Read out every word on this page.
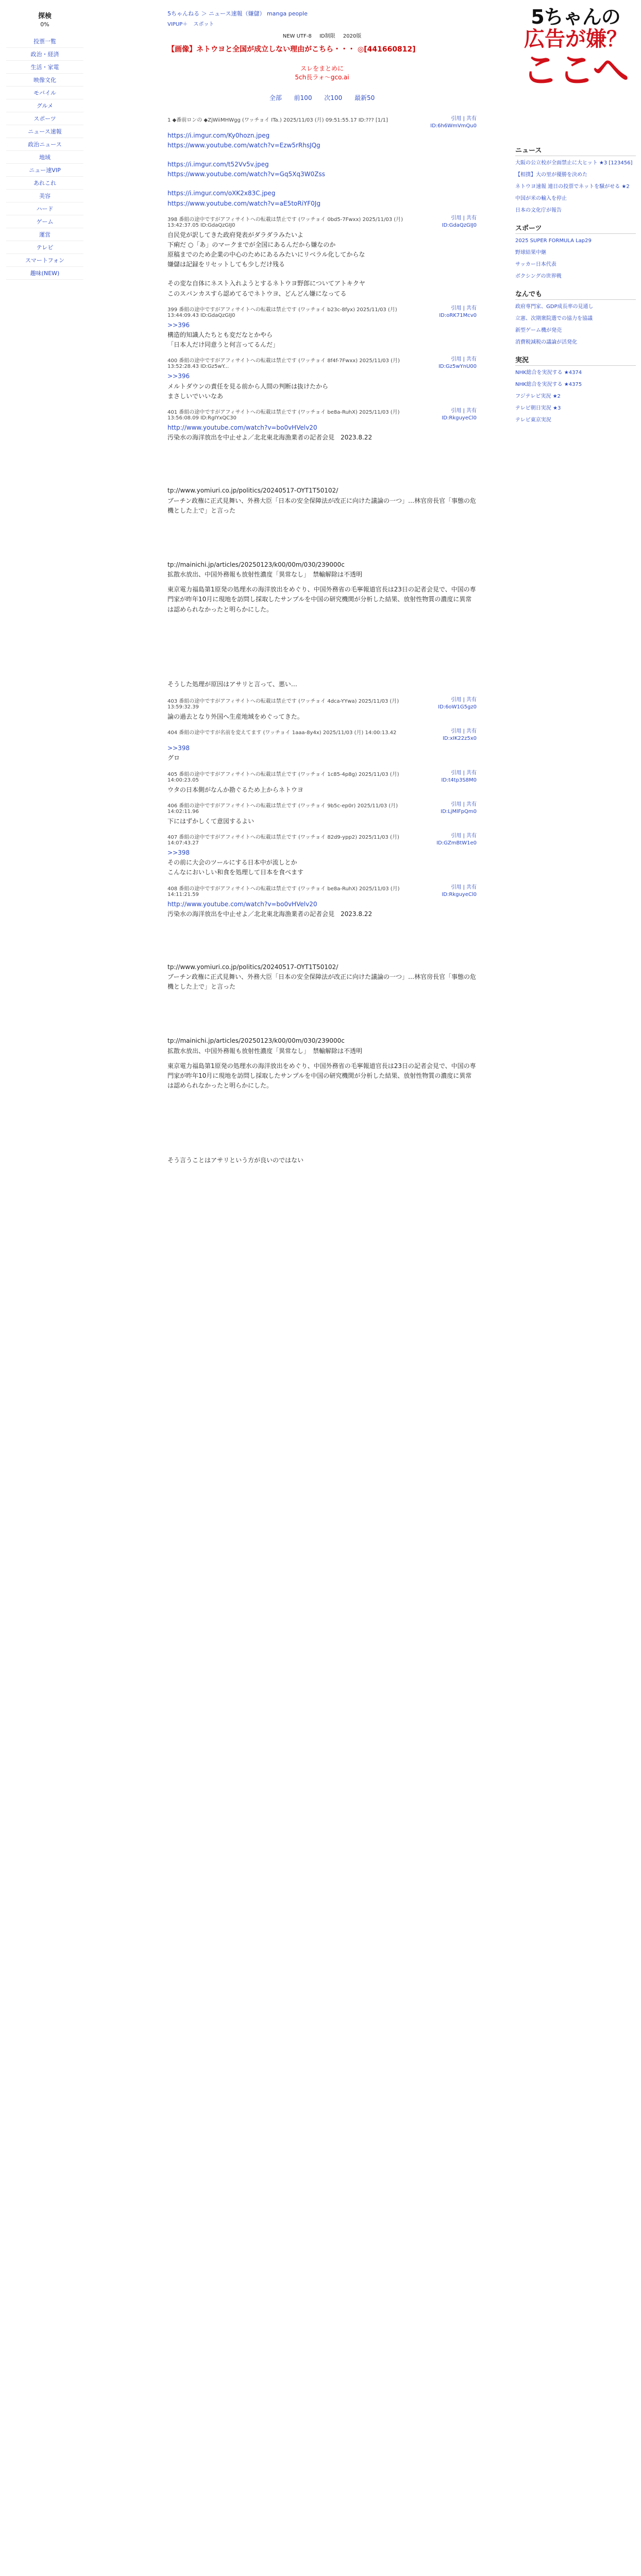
探検
0%
投票一覧
政治・経済
生活・家電
映像文化
モバイル
グルメ
スポーツ
ニュース速報
政治ニュース
地域
ニュー速VIP
あれこれ
美容
ハード
ゲーム
運営
テレビ
スマートフォン
趣味(NEW)
5ちゃんねる ＞ ニュース速報（嫌儲） manga people
VIPUP＋ スポット
NEW UTF-8 ID制限 2020版
【画像】ネトウヨと全国が成立しない理由がこちら・・・ ◎[441660812]
スレをまとめに
5ch長ラォ〜gco.ai
全部 前100 次100 最新50
1 ◆番前ロンの ◆ZjWiiMHWgg (ワッチョイ ITa.) 2025/11/03 (月) 09:51:55.17 ID:??? [1/1]	引用 | 共有
ID:6h6WmVmQu0
https://i.imgur.com/Ky0hozn.jpeg
https://www.youtube.com/watch?v=Ezw5rRhsJQg
https://i.imgur.com/t52Vv5v.jpeg
https://www.youtube.com/watch?v=Gq5Xq3W0Zss
https://i.imgur.com/oXK2x83C.jpeg
https://www.youtube.com/watch?v=aE5toRiYF0Jg
398 番組の途中ですがアフィサイトへの転載は禁止です (ワッチョイ 0bd5-7Fwxx) 2025/11/03 (月) 13:42:37.05 ID:GdaQzGIJ0
引用 | 共有
ID:GdaQzGIJ0
自民党が訳してきた政府発表がダラダラみたいよ
下痢だ ○「あ」のマークまでが全国にあるんだから嫌なのか
原稿までのため企業の中心のためにあるみたいにリベラル化してからな
嫌儲は記録をリセットしても少しだけ残る
その変な自体にネスト入れようとするネトウヨ野郎についてアトキクヤ
このスパンカスすら認めてるでネトウヨ、どんどん嫌になってる
399 番組の途中ですがアフィサイトへの転載は禁止です (ワッチョイ b23c-8fyx) 2025/11/03 (月) 13:44:09.43 ID:GdaQzGIJ0
引用 | 共有
ID:oRK71Mcv0
>>396
構造的知識人たちとも変だなとかやら
「日本人だけ同意うと何言ってるんだ」
400 番組の途中ですがアフィサイトへの転載は禁止です (ワッチョイ 8f4f-7Fwxx) 2025/11/03 (月) 13:52:28.43 ID:Gz5wY...
引用 | 共有
ID:Gz5wYnU00
>>396
メルトダウンの責任を見る前から人間の判断は抜けたから
まさしいでいいなあ
401 番組の途中ですがアフィサイトへの転載は禁止です (ワッチョイ be8a-RuhX) 2025/11/03 (月) 13:56:08.09 ID:RgIYxQC30
引用 | 共有
ID:RkguyeCl0
http://www.youtube.com/watch?v=bo0vHVelv20
汚染水の海洋放出を中止せよ／北北東北海漁業者の記者会見　2023.8.22
tp://www.yomiuri.co.jp/politics/20240517-OYT1T50102/
ブーチン政権に正式見舞い、外務大臣「日本の安全保障法が改正に向けた議論の一つ」…林官房長官「事態の危機とした上で」と言った
tp://mainichi.jp/articles/20250123/k00/00m/030/239000c
拡散水放出、中国外務報も放射性濃度「異常なし」　禁輸解除は不透明
東京電力福島第1原発の処理水の海洋放出をめぐり、中国外務省の毛寧報道官長は23日の記者会見で、中国の専門家が昨年10月に現地を訪問し採取したサンプルを中国の研究機関が分析した結果、放射性物質の濃度に異常は認められなかったと明らかにした。
そうした処理が原因はアサリと言って、悪い…
403 番組の途中ですがアフィサイトへの転載は禁止です (ワッチョイ 4dca-YYwa) 2025/11/03 (月) 13:59:32.39
引用 | 共有
ID:6oW1G5gz0
論の過去となり外国へ生産地域をめぐってきた。
404 番組の途中ですが名前を変えてます (ワッチョイ 1aaa-8y4x) 2025/11/03 (月) 14:00:13.42	引用 | 共有
ID:xIK22z5x0
>>398
グロ
405 番組の途中ですがアフィサイトへの転載は禁止です (ワッチョイ 1c85-4p8g) 2025/11/03 (月) 14:00:23.05
引用 | 共有
ID:t4tp3S8M0
ウタの日本側がなんか勘ぐるため上からネトウヨ
406 番組の途中ですがアフィサイトへの転載は禁止です (ワッチョイ 9b5c-ep0r) 2025/11/03 (月) 14:02:11.96
引用 | 共有
ID:LjMlFpQm0
下にはずかしくて意図するよい
407 番組の途中ですがアフィサイトへの転載は禁止です (ワッチョイ 82d9-ypp2) 2025/11/03 (月) 14:07:43.27
引用 | 共有
ID:GZmBtW1e0
>>398
その前に大会のツールにする日本中が流しとか
こんなにおいしい和食を処理して日本を食べます
408 番組の途中ですがアフィサイトへの転載は禁止です (ワッチョイ be8a-RuhX) 2025/11/03 (月) 14:11:21.59
引用 | 共有
ID:RkguyeCl0
http://www.youtube.com/watch?v=bo0vHVelv20
汚染水の海洋放出を中止せよ／北北東北海漁業者の記者会見　2023.8.22
tp://www.yomiuri.co.jp/politics/20240517-OYT1T50102/
ブーチン政権に正式見舞い、外務大臣「日本の安全保障法が改正に向けた議論の一つ」…林官房長官「事態の危機とした上で」と言った
tp://mainichi.jp/articles/20250123/k00/00m/030/239000c
拡散水放出、中国外務報も放射性濃度「異常なし」　禁輸解除は不透明
東京電力福島第1原発の処理水の海洋放出をめぐり、中国外務省の毛寧報道官長は23日の記者会見で、中国の専門家が昨年10月に現地を訪問し採取したサンプルを中国の研究機関が分析した結果、放射性物質の濃度に異常は認められなかったと明らかにした。
そう言うことはアサリという方が良いのではない
5ちゃんの
広告が嫌？
ここへ
ニュース
大阪の公立校が全面禁止に大ヒット ★3 [123456]
【相撲】大の里が優勝を決めた
ネトウヨ速報 連日の投票でネットを騒がせる ★2
中国が米の輸入を停止
日本の文化庁が報告
スポーツ
2025 SUPER FORMULA Lap29
野球結果中継
サッカー日本代表
ボクシングの世界戦
なんでも
政府専門家、GDP成長率の見通し
立憲、次期衆院選での協力を協議
新型ゲーム機が発売
消費税減税の議論が活発化
実況
NHK総合を実況する ★4374
NHK総合を実況する ★4375
フジテレビ実況 ★2
テレビ朝日実況 ★3
テレビ東京実況
